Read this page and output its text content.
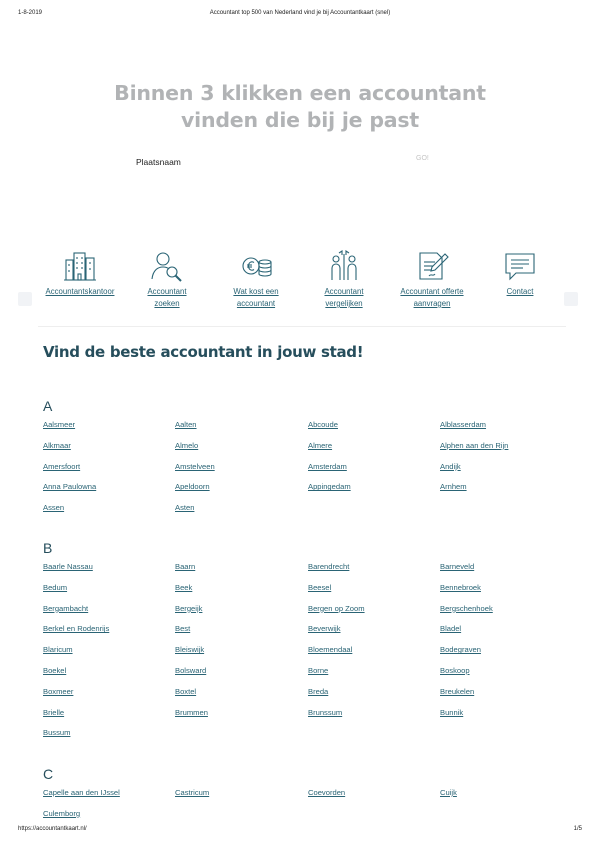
1-8-2019	Accountant top 500 van Nederland vind je bij Accountantkaart (snel)
Binnen 3 klikken een accountant
vinden die bij je past
Plaatsnaam
GO!
Accountantskantoor	Accountant
zoeken
Wat kost een
accountant
Accountant
vergelijken
Accountant offerte
aanvragen
Contact
Vind de beste accountant in jouw stad!
A
Aalsmeer	Aalten	Abcoude	Alblasserdam
Alkmaar	Almelo	Almere	Alphen aan den Rijn
Amersfoort	Amstelveen	Amsterdam	Andijk
Anna Paulowna	Apeldoorn	Appingedam	Arnhem
Assen	Asten
B
Baarle Nassau	Baarn	Barendrecht	Barneveld
Bedum	Beek	Beesel	Bennebroek
Bergambacht	Bergeijk	Bergen op Zoom	Bergschenhoek
Berkel en Rodenrijs	Best	Beverwijk	Bladel
Blaricum	Bleiswijk	Bloemendaal	Bodegraven
Boekel	Bolsward	Borne	Boskoop
Boxmeer	Boxtel	Breda	Breukelen
Brielle	Brummen	Brunssum	Bunnik
Bussum
C
Capelle aan den IJssel	Castricum	Coevorden	Cuijk
Culemborg
https://accountantkaart.nl/	1/5
